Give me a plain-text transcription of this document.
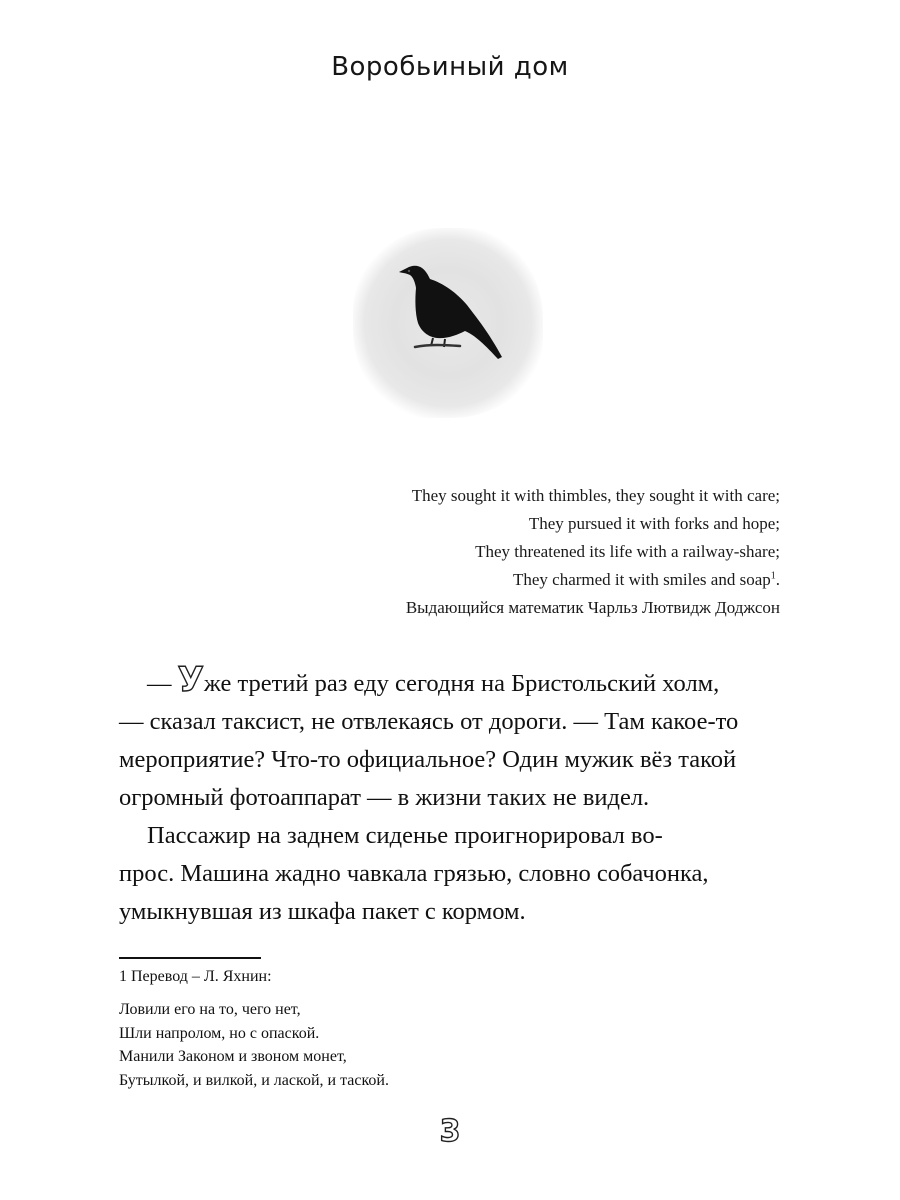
Воробьиный дом
They sought it with thimbles, they sought it with care;
They pursued it with forks and hope;
They threatened its life with a railway-share;
They charmed it with smiles and soap$^1$.
Выдающийся математик Чарльз Лютвидж Доджсон

— Уже третий раз еду сегодня на Бристольский холм,
— сказал таксист, не отвлекаясь от дороги. — Там какое-то
мероприятие? Что-то официальное? Один мужик вёз такой
огромный фотоаппарат — в жизни таких не видел.

Пассажир на заднем сиденье проигнорировал во-
прос. Машина жадно чавкала грязью, словно собачонка,
умыкнувшая из шкафа пакет с кормом.

1 Перевод – Л. Яхнин:
Ловили его на то, чего нет,
Шли напролом, но с опаской.
Манили Законом и звоном монет,
Бутылкой, и вилкой, и лаской, и таской.
3
